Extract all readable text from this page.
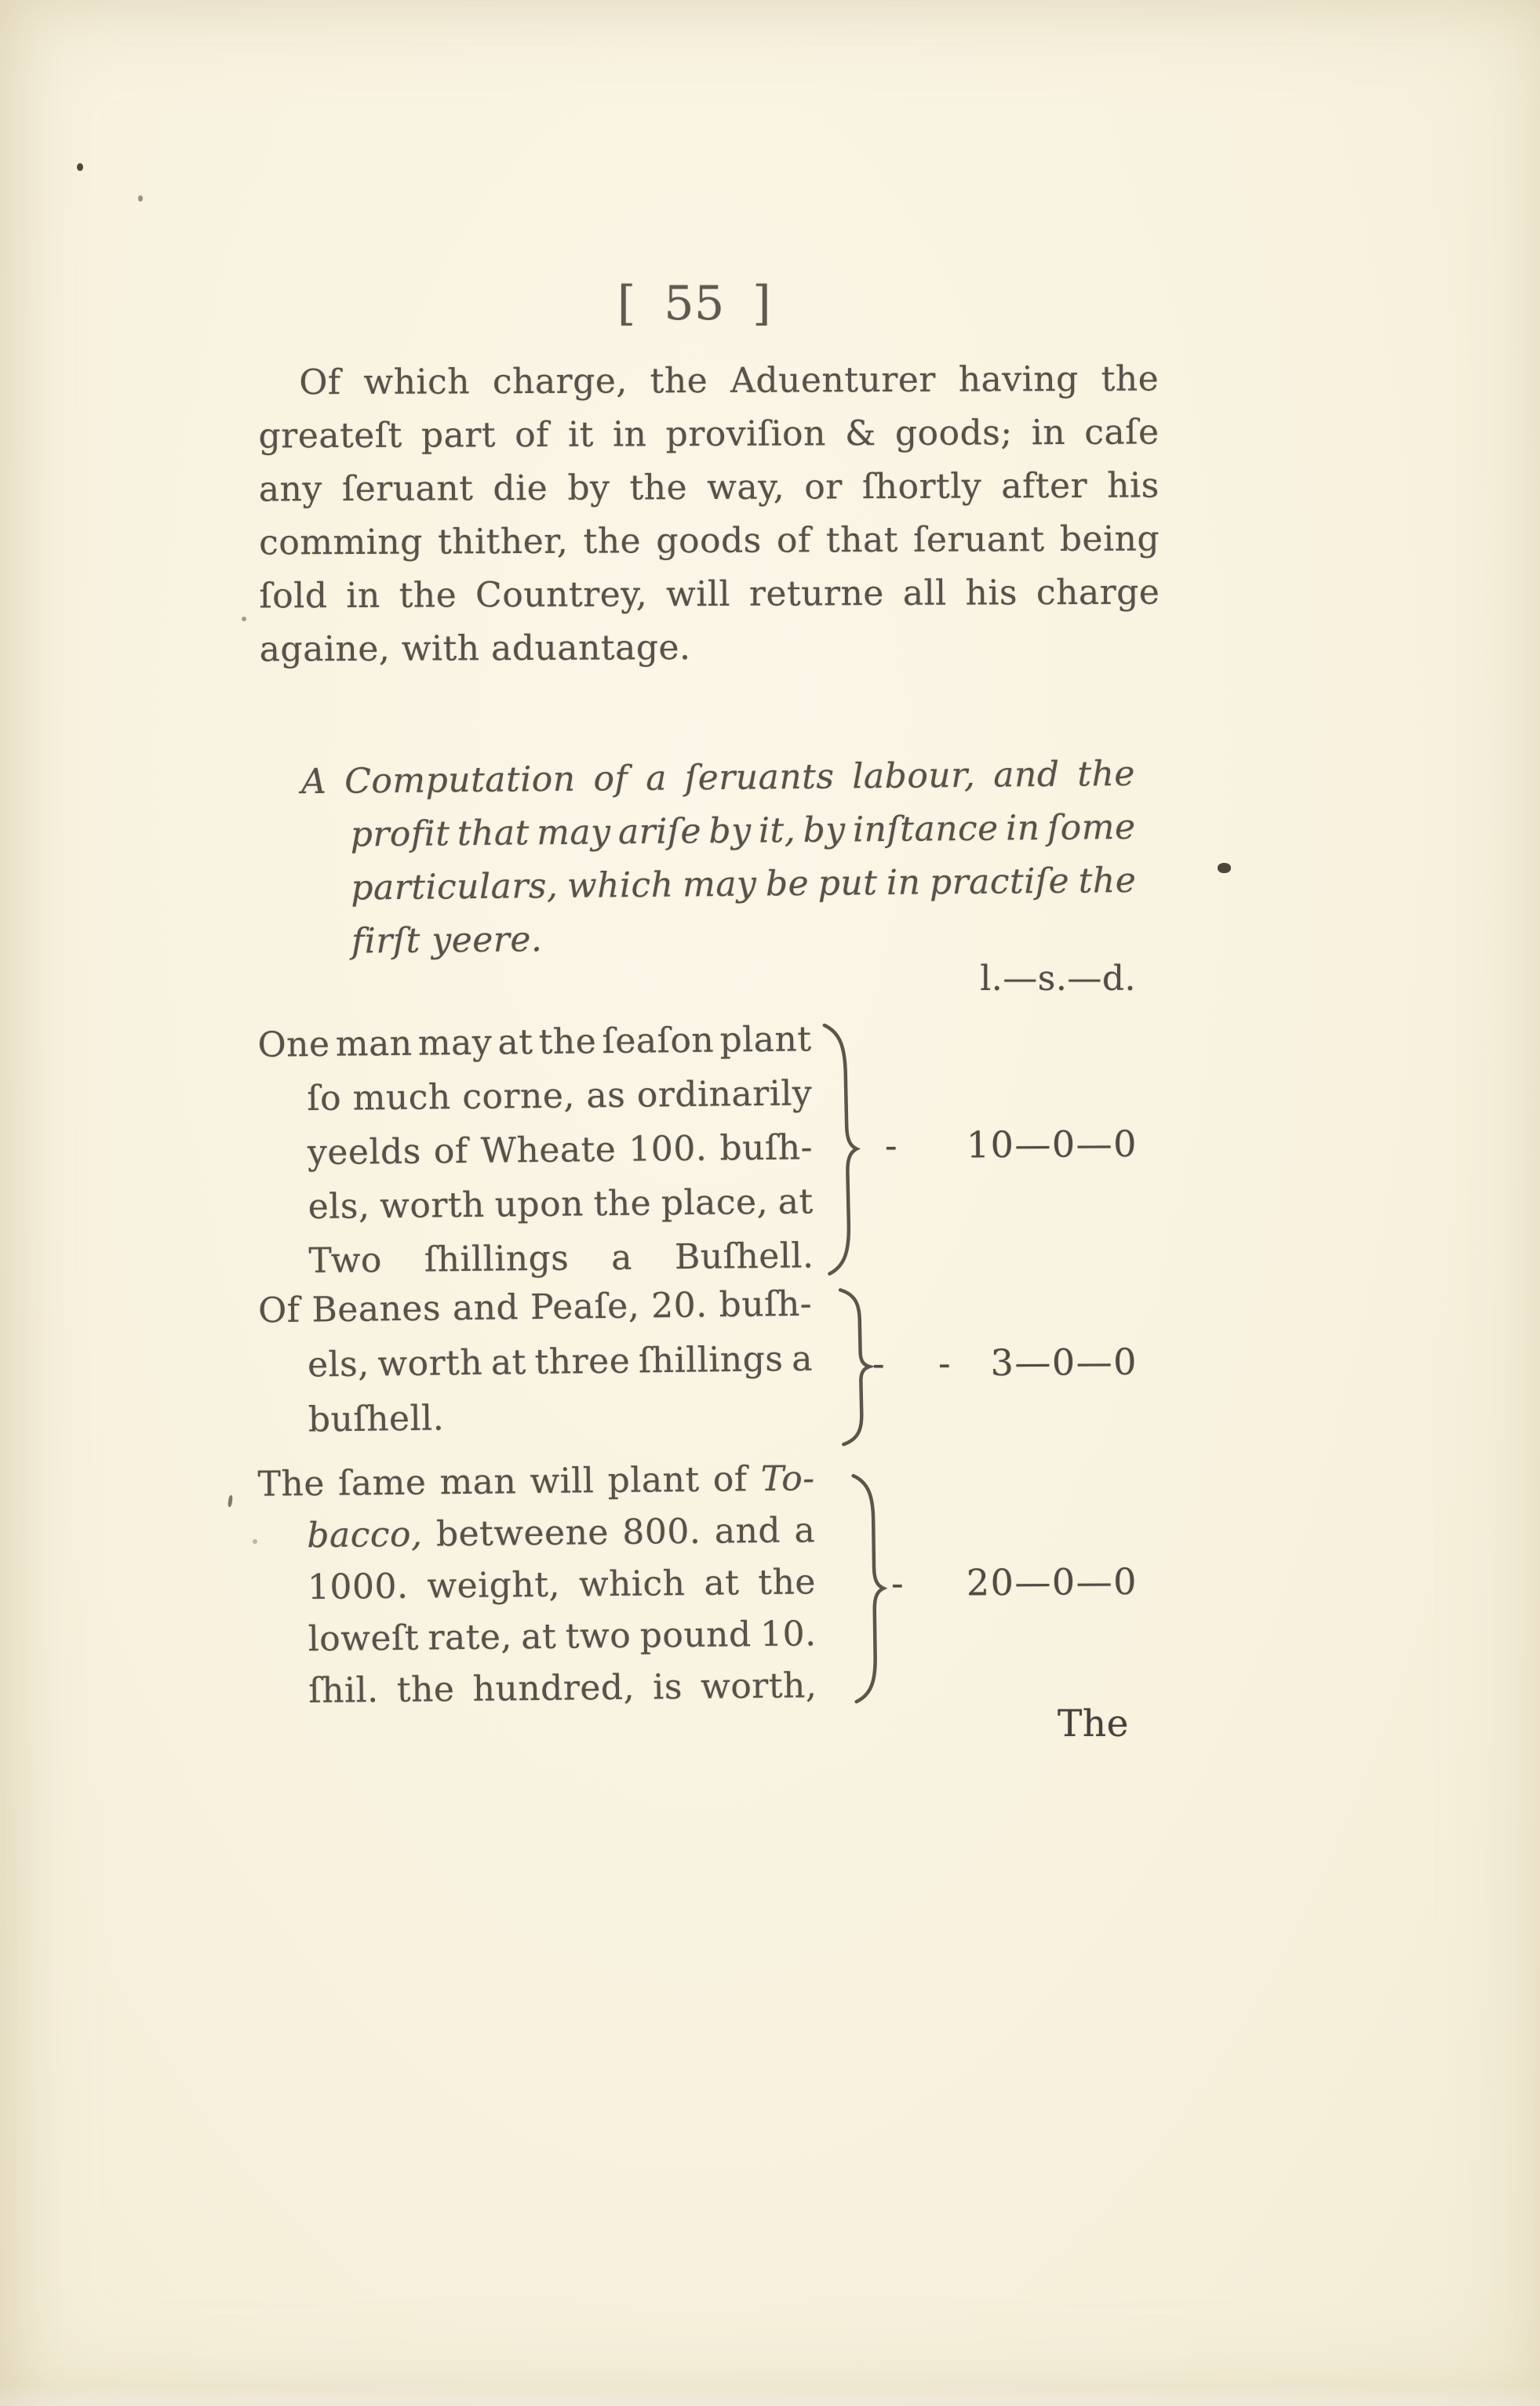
[ 55 ]
Of which charge, the Aduenturer having the
greateſt part of it in proviſion & goods; in caſe
any ſeruant die by the way, or ſhortly after his
comming thither, the goods of that ſeruant being
ſold in the Countrey, will returne all his charge
againe, with aduantage.
A Computation of a ſeruants labour, and the
profit that may ariſe by it, by inſtance in ſome
particulars, which may be put in practiſe the
firſt yeere.
l.—s.—d.
One man may at the ſeaſon plant
ſo much corne, as ordinarily
yeelds of Wheate 100. buſh-
els, worth upon the place, at
Two ſhillings a Buſhell.
Of Beanes and Peaſe, 20. buſh-
els, worth at three ſhillings a
buſhell.
The ſame man will plant of To-
bacco, betweene 800. and a
1000. weight, which at the
loweſt rate, at two pound 10.
ſhil. the hundred, is worth,
- 10—0—0
- - 3—0—0
- 20—0—0
The
